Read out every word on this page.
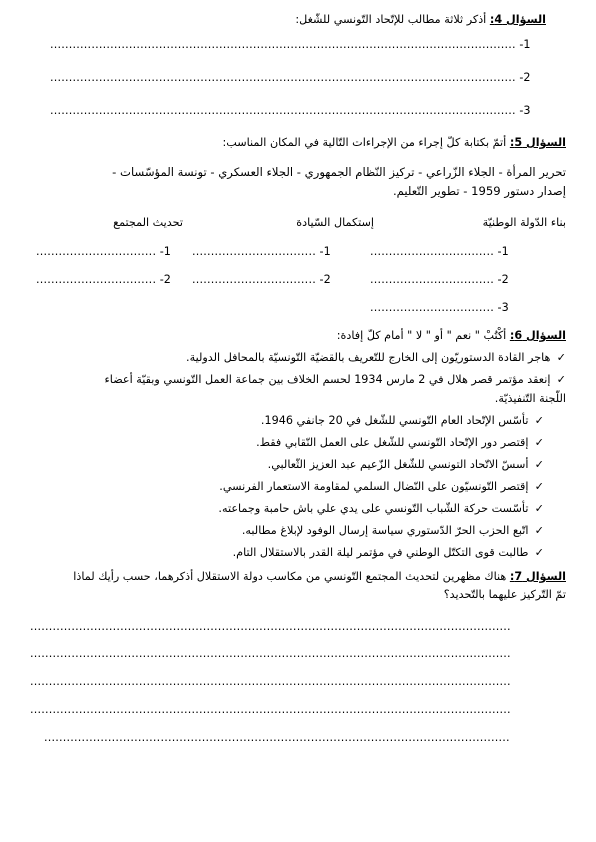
السؤال 4: أذكر ثلاثة مطالب للإتّحاد التّونسي للشّغل:
............................................................................................................................ -1
............................................................................................................................ -2
............................................................................................................................ -3
السؤال 5: أتمّ بكتابة كلّ إجراء من الإجراءات التّالية في المكان المناسب:
تحرير المرأة - الجلاء الزّراعي - تركيز النّظام الجمهوري - الجلاء العسكري - تونسة المؤسّسات -
إصدار دستور 1959 - تطوير التّعليم.
بناء الدّولة الوطنيّة
إستكمال السّيادة
تحديث المجتمع
................................. -1
................................. -2
................................. -3
................................. -1
................................. -2
................................ -1
................................ -2
السؤال 6: أكْتُبْ " نعم " أو " لا " أمام كلّ إفادة:
✓ هاجر القادة الدستوريّون إلى الخارج للتّعريف بالقضيّة التّونسيّة بالمحافل الدولية.
✓ إنعقد مؤتمر قصر هلال في 2 مارس 1934 لحسم الخلاف بين جماعة العمل التّونسي وبقيّة أعضاء
اللّجنة التّنفيذيّة.
✓ تأسّس الإتّحاد العام التّونسي للشّغل في 20 جانفي 1946.
✓ إقتصر دور الإتّحاد التّونسي للشّغل على العمل النّقابي فقط.
✓ أسسّ الاتّحاد التونسي للشّغل الزّعيم عبد العزيز الثّعالبي.
✓ إقتصر التّونسيّون على النّضال السلمي لمقاومة الاستعمار الفرنسي.
✓ تأسّست حركة الشّباب التّونسي على يدي علي باش حامبة وجماعته.
✓ اتّبع الحزب الحرّ الدّستوري سياسة إرسال الوفود لإبلاغ مطالبه.
✓ طالبت قوى التكتّل الوطني في مؤتمر ليلة القدر بالاستقلال التام.
السؤال 7: هناك مظهرين لتحديث المجتمع التّونسي من مكاسب دولة الاستقلال أذكرهما، حسب رأيك لماذا
تمّ التّركيز عليهما بالتّحديد؟
................................................................................................................................
................................................................................................................................
................................................................................................................................
................................................................................................................................
............................................................................................................................
